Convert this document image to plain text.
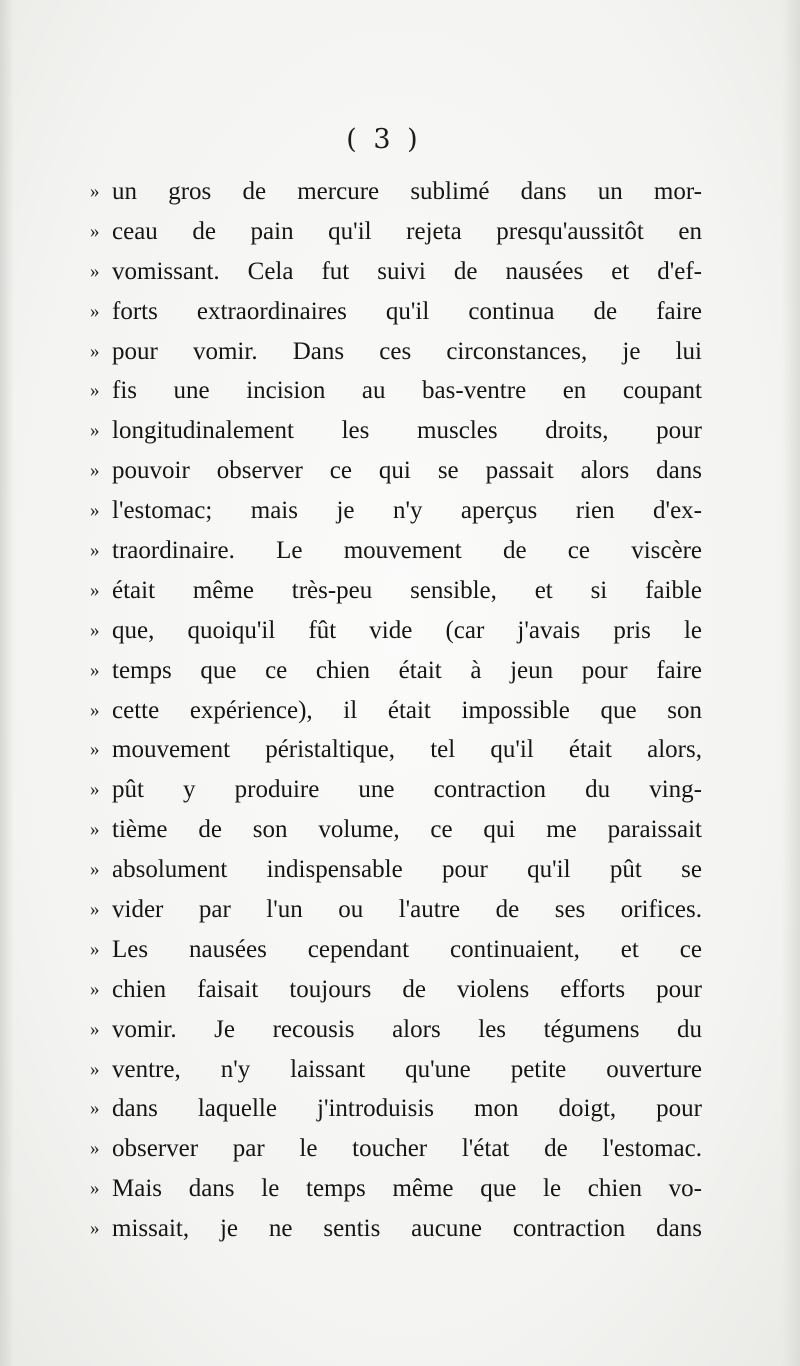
( 3 )
» un gros de mercure sublimé dans un mor-
» ceau de pain qu'il rejeta presqu'aussitôt en
» vomissant. Cela fut suivi de nausées et d'ef-
» forts extraordinaires qu'il continua de faire
» pour vomir. Dans ces circonstances, je lui
» fis une incision au bas-ventre en coupant
» longitudinalement les muscles droits, pour
» pouvoir observer ce qui se passait alors dans
» l'estomac; mais je n'y aperçus rien d'ex-
» traordinaire. Le mouvement de ce viscère
» était même très-peu sensible, et si faible
» que, quoiqu'il fût vide (car j'avais pris le
» temps que ce chien était à jeun pour faire
» cette expérience), il était impossible que son
» mouvement péristaltique, tel qu'il était alors,
» pût y produire une contraction du ving-
» tième de son volume, ce qui me paraissait
» absolument indispensable pour qu'il pût se
» vider par l'un ou l'autre de ses orifices.
» Les nausées cependant continuaient, et ce
» chien faisait toujours de violens efforts pour
» vomir. Je recousis alors les tégumens du
» ventre, n'y laissant qu'une petite ouverture
» dans laquelle j'introduisis mon doigt, pour
» observer par le toucher l'état de l'estomac.
» Mais dans le temps même que le chien vo-
» missait, je ne sentis aucune contraction dans
